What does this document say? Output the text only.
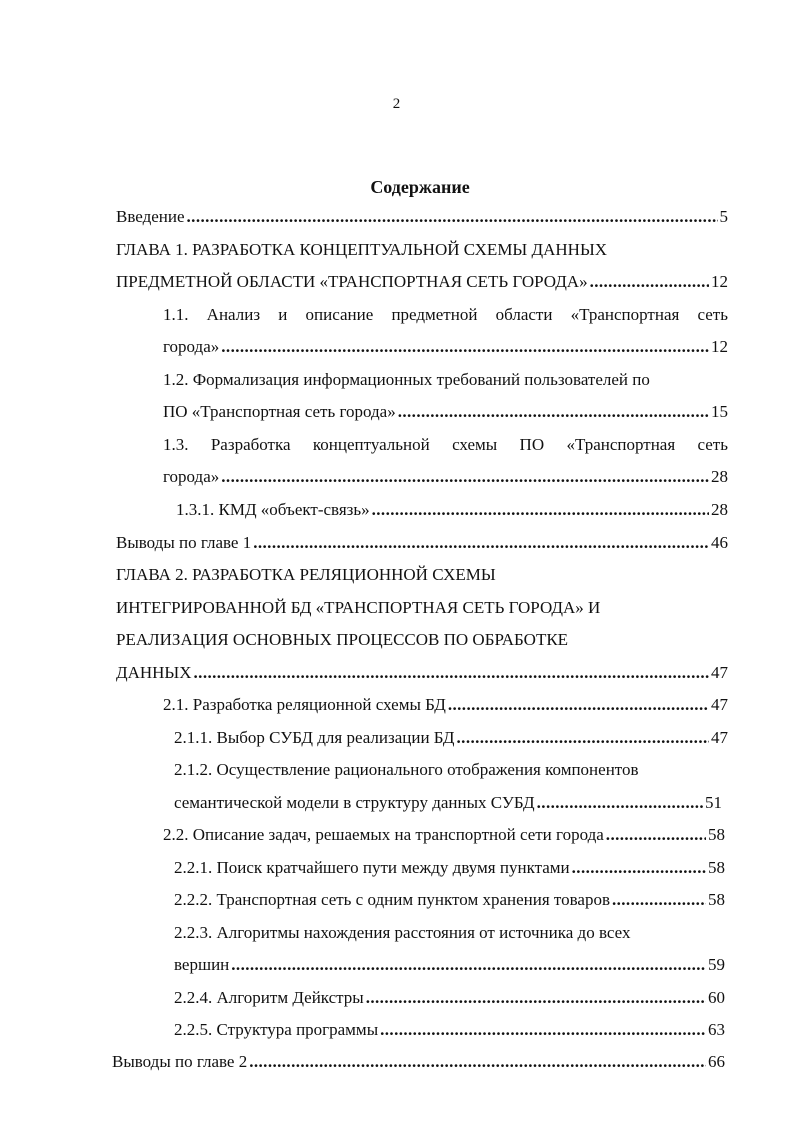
2
Содержание
Введение .....	5
ГЛАВА 1. РАЗРАБОТКА КОНЦЕПТУАЛЬНОЙ СХЕМЫ ДАННЫХ
ПРЕДМЕТНОЙ ОБЛАСТИ «ТРАНСПОРТНАЯ СЕТЬ ГОРОДА» .....	12
1.1. Анализ и описание предметной области «Транспортная сеть
города» .....	12
1.2. Формализация информационных требований пользователей по
ПО «Транспортная сеть города» .....	15
1.3. Разработка концептуальной схемы ПО «Транспортная сеть
города» .....	28
1.3.1. КМД «объект-связь» .....	28
Выводы по главе 1 .....	46
ГЛАВА 2. РАЗРАБОТКА РЕЛЯЦИОННОЙ СХЕМЫ
ИНТЕГРИРОВАННОЙ БД «ТРАНСПОРТНАЯ СЕТЬ ГОРОДА» И
РЕАЛИЗАЦИЯ ОСНОВНЫХ ПРОЦЕССОВ ПО ОБРАБОТКЕ
ДАННЫХ .....	47
2.1. Разработка реляционной схемы БД .....	47
2.1.1. Выбор СУБД для реализации БД .....	47
2.1.2. Осуществление рационального отображения компонентов
семантической модели в структуру данных СУБД .....	51
2.2. Описание задач, решаемых на транспортной сети города .....	58
2.2.1. Поиск кратчайшего пути между двумя пунктами .....	58
2.2.2. Транспортная сеть с одним пунктом хранения товаров .....	58
2.2.3. Алгоритмы нахождения расстояния от источника до всех
вершин .....	59
2.2.4. Алгоритм Дейкстры .....	60
2.2.5. Структура программы .....	63
Выводы по главе 2 .....	66
